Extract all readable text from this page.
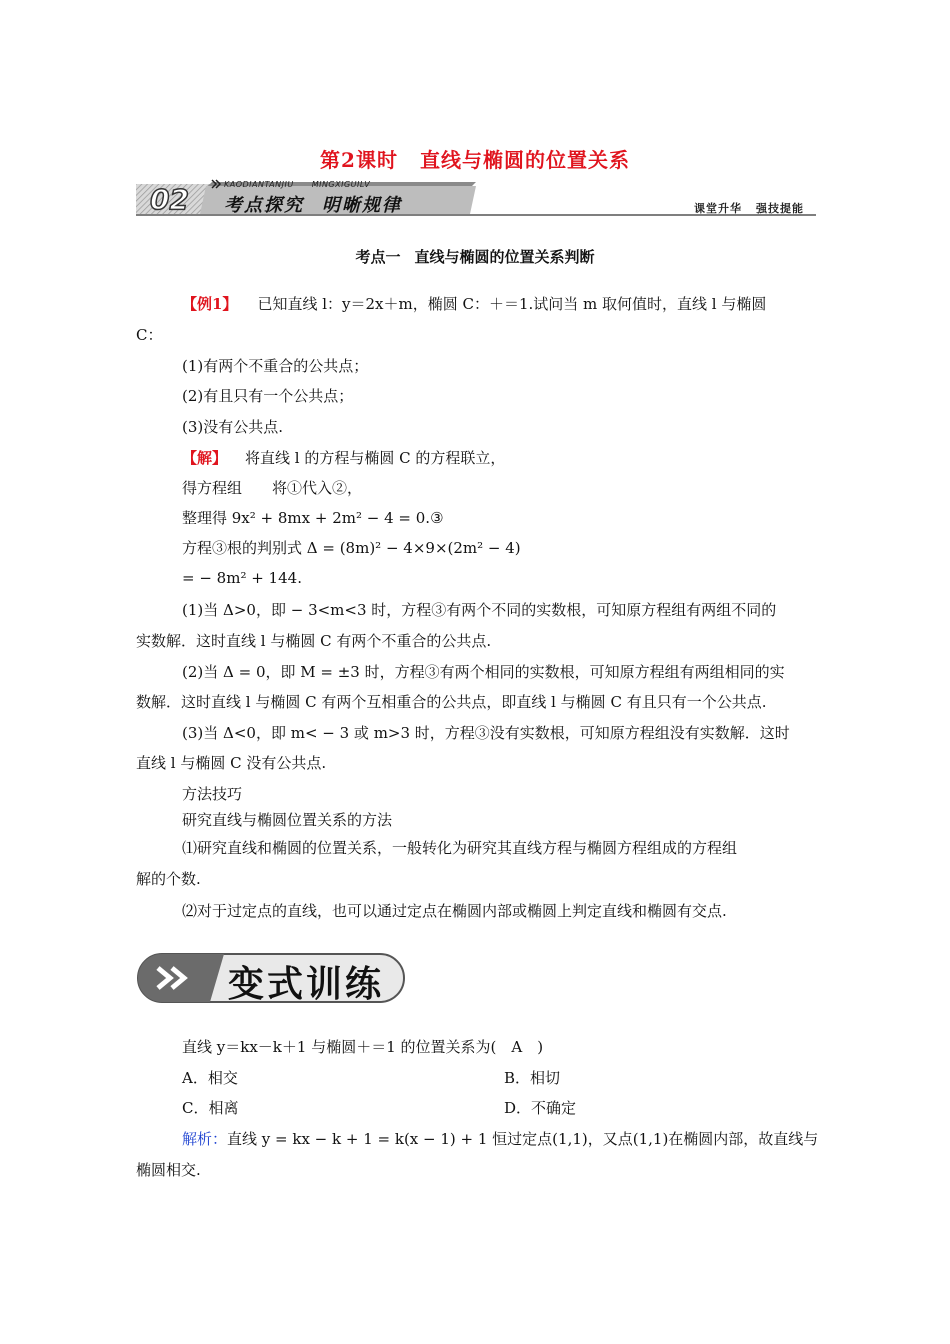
第2课时 直线与椭圆的位置关系
02	KAODIANTANJIU MINGXIGUILV
考点探究 明晰规律	课堂升华 强技提能
考点一 直线与椭圆的位置关系判断
【例1】 已知直线 l：y＝2x＋m，椭圆 C：＋＝1.试问当 m 取何值时，直线 l 与椭圆
C：
(1)有两个不重合的公共点；
(2)有且只有一个公共点；
(3)没有公共点.
【解】 将直线 l 的方程与椭圆 C 的方程联立，
得方程组　　将①代入②，
整理得 9x² + 8mx + 2m² − 4 = 0.③
方程③根的判别式 Δ = (8m)² − 4×9×(2m² − 4)
= − 8m² + 144.
(1)当 Δ>0，即 − 3<m<3 时，方程③有两个不同的实数根，可知原方程组有两组不同的
实数解．这时直线 l 与椭圆 C 有两个不重合的公共点.
(2)当 Δ = 0，即 M = ±3 时，方程③有两个相同的实数根，可知原方程组有两组相同的实
数解．这时直线 l 与椭圆 C 有两个互相重合的公共点，即直线 l 与椭圆 C 有且只有一个公共点.
(3)当 Δ<0，即 m< − 3 或 m>3 时，方程③没有实数根，可知原方程组没有实数解．这时
直线 l 与椭圆 C 没有公共点.
方法技巧
研究直线与椭圆位置关系的方法
⑴研究直线和椭圆的位置关系，一般转化为研究其直线方程与椭圆方程组成的方程组
解的个数.
⑵对于过定点的直线，也可以通过定点在椭圆内部或椭圆上判定直线和椭圆有交点.
变式训练
直线 y＝kx－k＋1 与椭圆＋＝1 的位置关系为(　A　)
A．相交	B．相切
C．相离	D．不确定
解析：直线 y = kx − k + 1 = k(x − 1) + 1 恒过定点(1,1)，又点(1,1)在椭圆内部，故直线与
椭圆相交.
